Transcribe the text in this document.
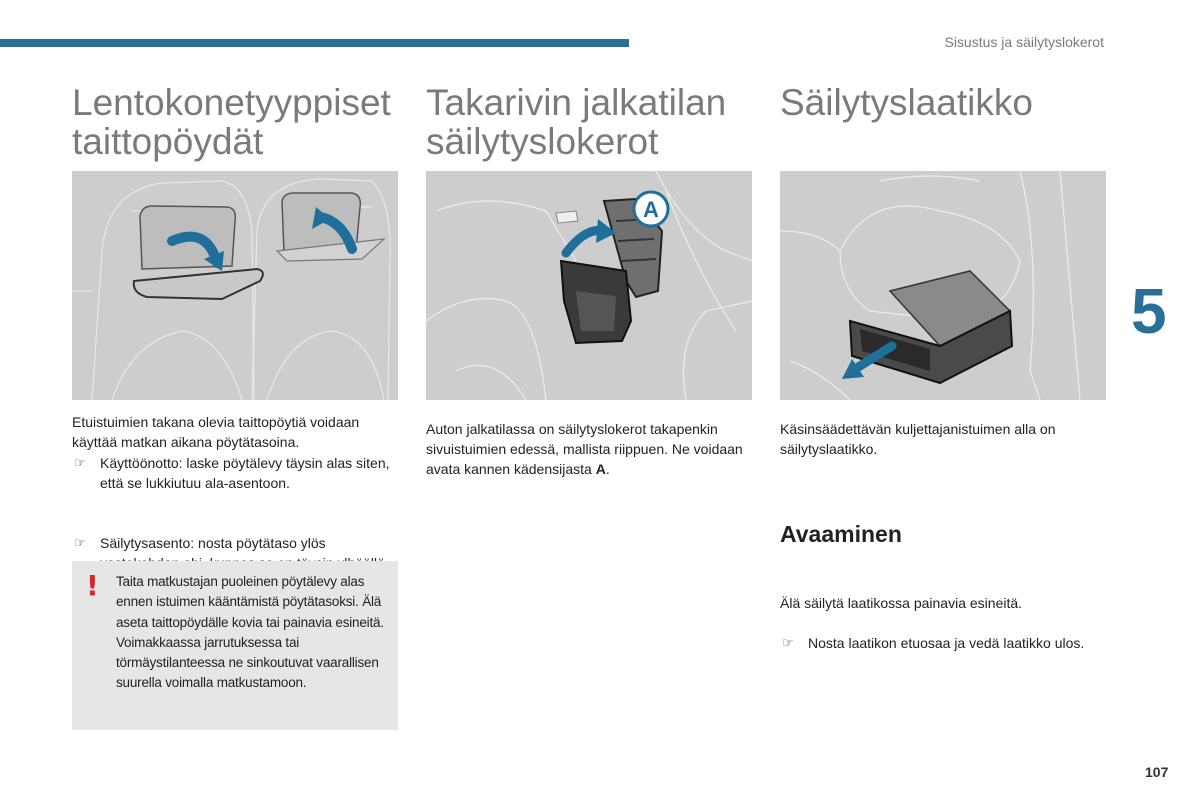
Sisustus ja säilytyslokerot
Lentokonetyyppiset
taittopöydät

Etuistuimien takana olevia taittopöytiä voidaan käyttää matkan aikana pöytätasoina.

☞ Käyttöönotto: laske pöytälevy täysin alas siten, että se lukkiutuu ala-asentoon.
☞ Säilytysasento: nosta pöytätaso ylös
! Taita matkustajan puoleinen pöytälevy alas ennen istuimen kääntämistä pöytätasoksi. Älä aseta taittopöydälle kovia tai painavia esineitä. Voimakkaassa jarrutuksessa tai törmäystilanteessa ne sinkoutuvat vaarallisen suurella voimalla matkustamoon.
Takarivin jalkatilan
säilytyslokerot
A

Auton jalkatilassa on säilytyslokerot takapenkin sivuistuimien edessä, mallista riippuen. Ne voidaan avata kannen kädensijasta A.

Säilytyslaatikko

Käsinsäädettävän kuljettajanistuimen alla on säilytyslaatikko.

Avaaminen
☞ Nosta laatikon etuosaa ja vedä laatikko ulos.

Älä säilytä laatikossa painavia esineitä.

5
107
